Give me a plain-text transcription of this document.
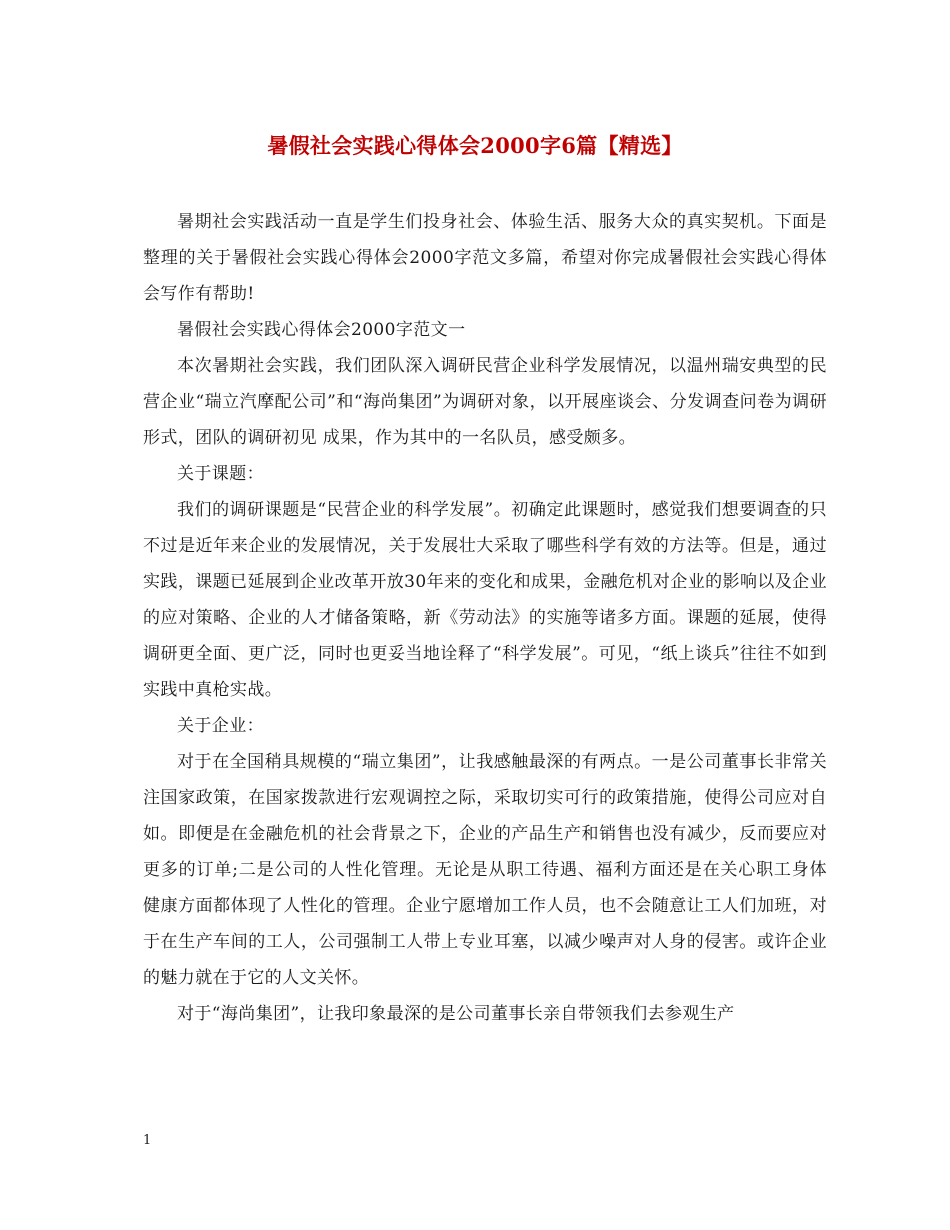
暑假社会实践心得体会2000字6篇【精选】

暑期社会实践活动一直是学生们投身社会、体验生活、服务大众的真实契机。下面是整理的关于暑假社会实践心得体会2000字范文多篇，希望对你完成暑假社会实践心得体会写作有帮助!

暑假社会实践心得体会2000字范文一

本次暑期社会实践，我们团队深入调研民营企业科学发展情况，以温州瑞安典型的民营企业“瑞立汽摩配公司”和“海尚集团”为调研对象，以开展座谈会、分发调查问卷为调研形式，团队的调研初见 成果，作为其中的一名队员，感受颇多。

关于课题：

我们的调研课题是“民营企业的科学发展”。初确定此课题时，感觉我们想要调查的只不过是近年来企业的发展情况，关于发展壮大采取了哪些科学有效的方法等。但是，通过实践，课题已延展到企业改革开放30年来的变化和成果，金融危机对企业的影响以及企业的应对策略、企业的人才储备策略，新《劳动法》的实施等诸多方面。课题的延展，使得调研更全面、更广泛，同时也更妥当地诠释了“科学发展”。可见，“纸上谈兵”往往不如到实践中真枪实战。

关于企业：

对于在全国稍具规模的“瑞立集团”，让我感触最深的有两点。一是公司董事长非常关注国家政策，在国家拨款进行宏观调控之际，采取切实可行的政策措施，使得公司应对自如。即便是在金融危机的社会背景之下，企业的产品生产和销售也没有减少，反而要应对更多的订单;二是公司的人性化管理。无论是从职工待遇、福利方面还是在关心职工身体健康方面都体现了人性化的管理。企业宁愿增加工作人员，也不会随意让工人们加班，对于在生产车间的工人，公司强制工人带上专业耳塞，以减少噪声对人身的侵害。或许企业的魅力就在于它的人文关怀。

对于“海尚集团”，让我印象最深的是公司董事长亲自带领我们去参观生产

1
